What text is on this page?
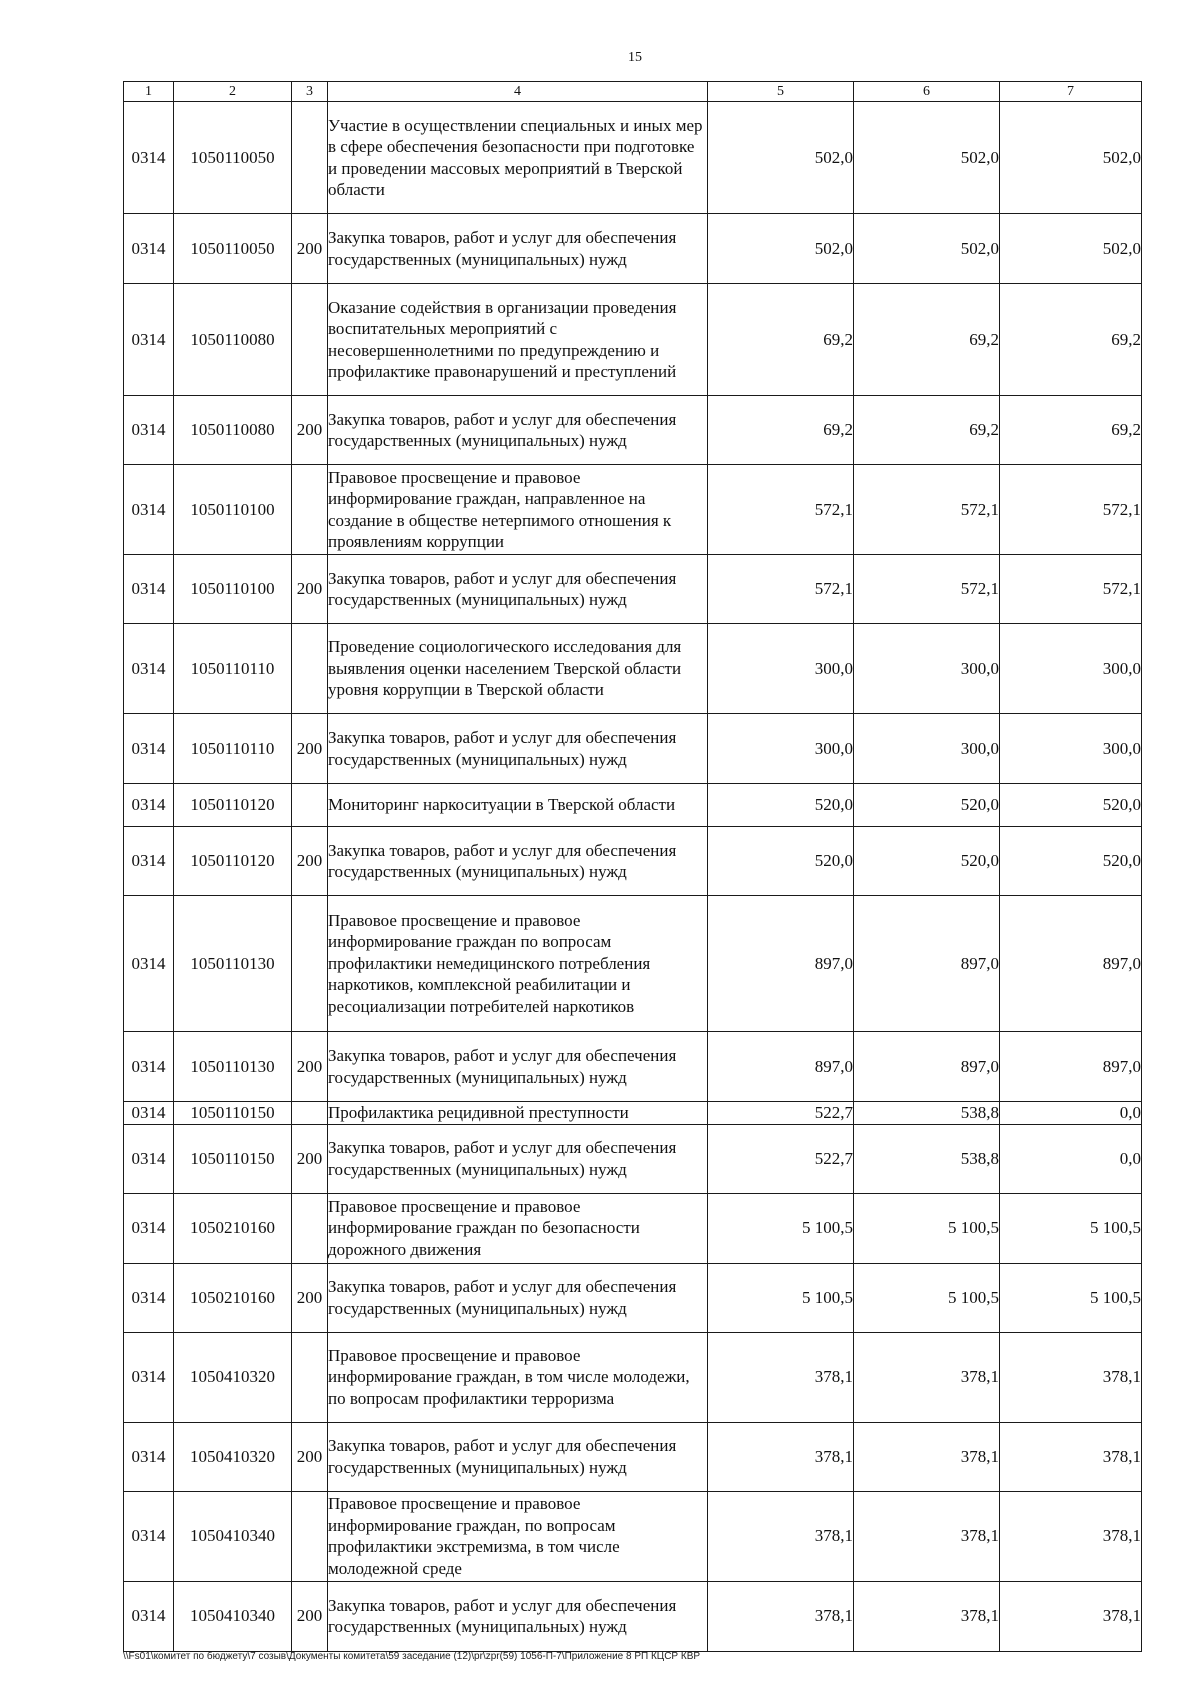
15
1	2	3	4	5	6	7
0314	1050110050		Участие в осуществлении специальных и иных мер в сфере обеспечения безопасности при подготовке и проведении массовых мероприятий в Тверской области	502,0	502,0	502,0
0314	1050110050	200	Закупка товаров, работ и услуг для обеспечения государственных (муниципальных) нужд	502,0	502,0	502,0
0314	1050110080		Оказание содействия в организации проведения воспитательных мероприятий с несовершеннолетними по предупреждению и профилактике правонарушений и преступлений	69,2	69,2	69,2
0314	1050110080	200	Закупка товаров, работ и услуг для обеспечения государственных (муниципальных) нужд	69,2	69,2	69,2
0314	1050110100		Правовое просвещение и правовое информирование граждан, направленное на создание в обществе нетерпимого отношения к проявлениям коррупции	572,1	572,1	572,1
0314	1050110100	200	Закупка товаров, работ и услуг для обеспечения государственных (муниципальных) нужд	572,1	572,1	572,1
0314	1050110110		Проведение социологического исследования для выявления оценки населением Тверской области уровня коррупции в Тверской области	300,0	300,0	300,0
0314	1050110110	200	Закупка товаров, работ и услуг для обеспечения государственных (муниципальных) нужд	300,0	300,0	300,0
0314	1050110120		Мониторинг наркоситуации в Тверской области	520,0	520,0	520,0
0314	1050110120	200	Закупка товаров, работ и услуг для обеспечения государственных (муниципальных) нужд	520,0	520,0	520,0
0314	1050110130		Правовое просвещение и правовое информирование граждан по вопросам профилактики немедицинского потребления наркотиков, комплексной реабилитации и ресоциализации потребителей наркотиков	897,0	897,0	897,0
0314	1050110130	200	Закупка товаров, работ и услуг для обеспечения государственных (муниципальных) нужд	897,0	897,0	897,0
0314	1050110150		Профилактика рецидивной преступности	522,7	538,8	0,0
0314	1050110150	200	Закупка товаров, работ и услуг для обеспечения государственных (муниципальных) нужд	522,7	538,8	0,0
0314	1050210160		Правовое просвещение и правовое информирование граждан по безопасности дорожного движения	5 100,5	5 100,5	5 100,5
0314	1050210160	200	Закупка товаров, работ и услуг для обеспечения государственных (муниципальных) нужд	5 100,5	5 100,5	5 100,5
0314	1050410320		Правовое просвещение и правовое информирование граждан, в том числе молодежи, по вопросам профилактики терроризма	378,1	378,1	378,1
0314	1050410320	200	Закупка товаров, работ и услуг для обеспечения государственных (муниципальных) нужд	378,1	378,1	378,1
0314	1050410340		Правовое просвещение и правовое информирование граждан, по вопросам профилактики экстремизма, в том числе молодежной среде	378,1	378,1	378,1
0314	1050410340	200	Закупка товаров, работ и услуг для обеспечения государственных (муниципальных) нужд	378,1	378,1	378,1
\\Fs01\комитет по бюджету\7 созыв\Документы комитета\59 заседание (12)\pr\zpr(59) 1056-П-7\Приложение 8 РП КЦСР КВР
